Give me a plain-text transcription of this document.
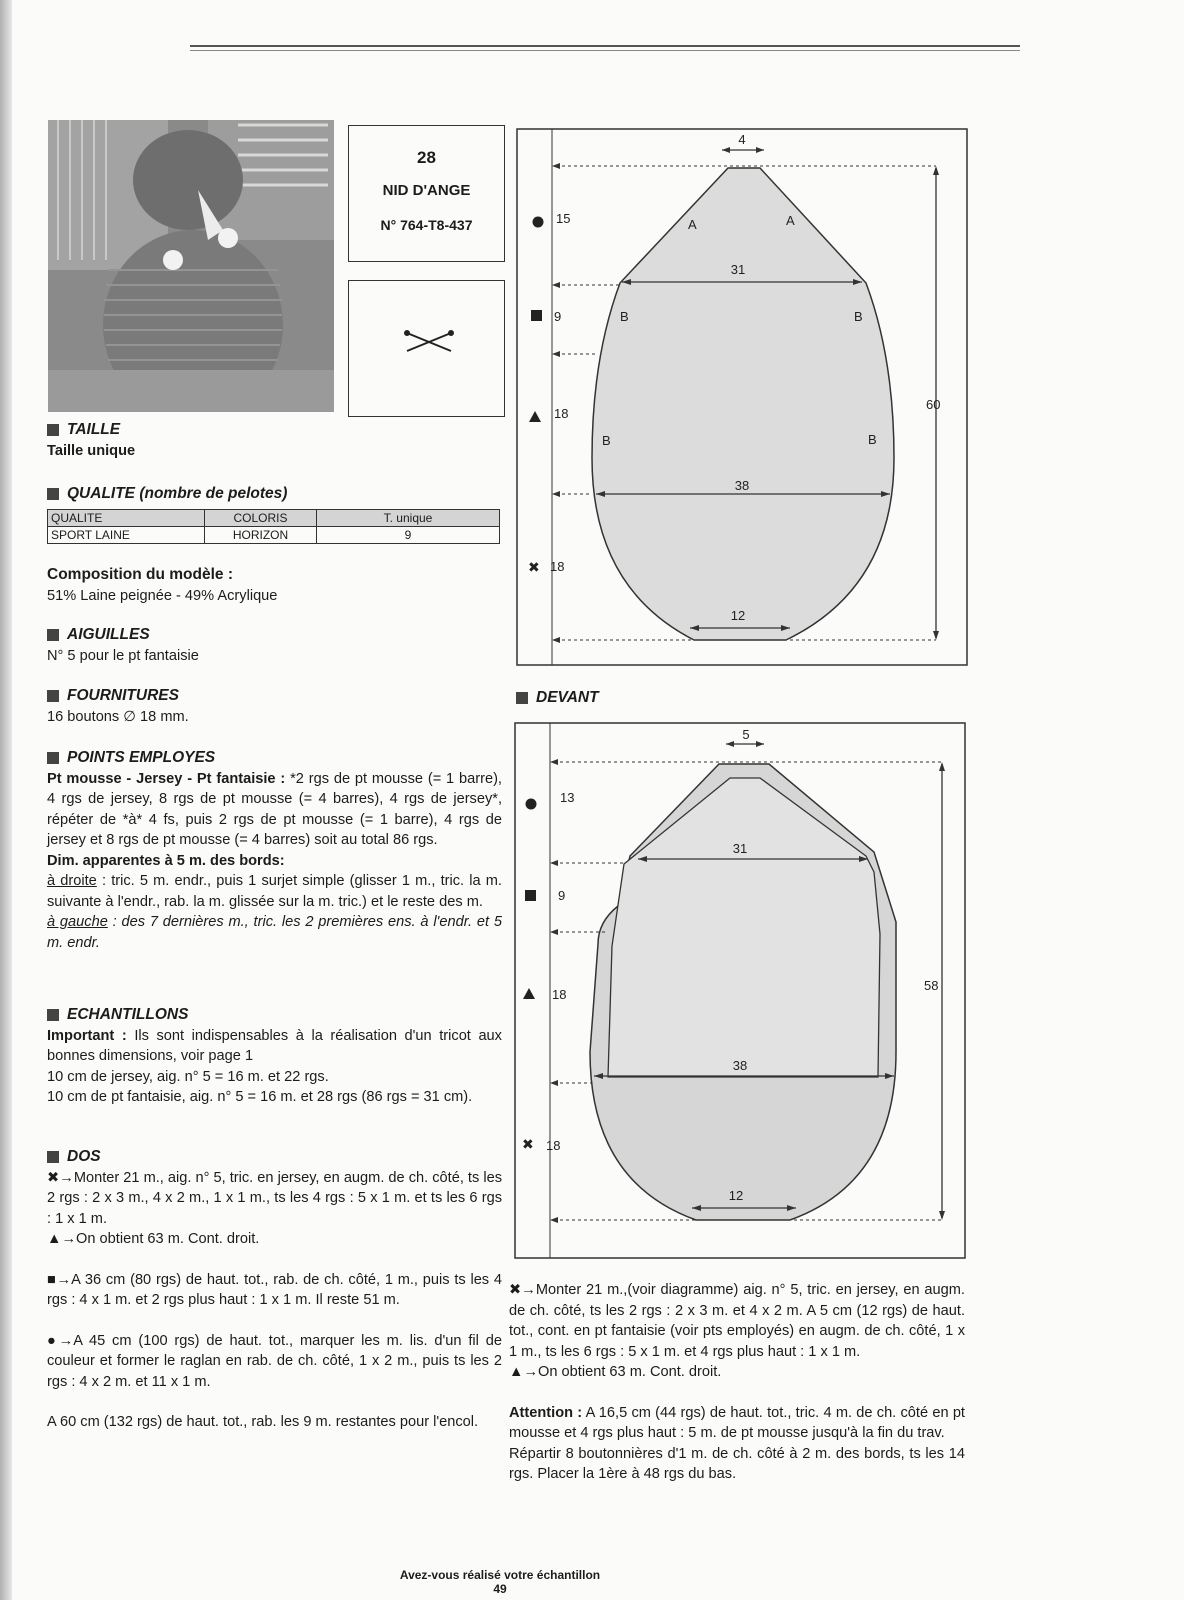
28
NID D'ANGE
N° 764-T8-437
TAILLE
Taille unique
QUALITE (nombre de pelotes)
QUALITE	COLORIS	T. unique
SPORT LAINE	HORIZON	9
Composition du modèle :
51% Laine peignée - 49% Acrylique
AIGUILLES
N° 5 pour le pt fantaisie
FOURNITURES
16 boutons ∅ 18 mm.
POINTS EMPLOYES
Pt mousse - Jersey - Pt fantaisie : *2 rgs de pt mousse (= 1 barre), 4 rgs de jersey, 8 rgs de pt mousse (= 4 barres), 4 rgs de jersey*, répéter de *à* 4 fs, puis 2 rgs de pt mousse (= 1 barre), 4 rgs de jersey et 8 rgs de pt mousse (= 4 barres) soit au total 86 rgs.
Dim. apparentes à 5 m. des bords:
à droite : tric. 5 m. endr., puis 1 surjet simple (glisser 1 m., tric. la m. suivante à l'endr., rab. la m. glissée sur la m. tric.) et le reste des m.
à gauche : des 7 dernières m., tric. les 2 premières ens. à l'endr. et 5 m. endr.
ECHANTILLONS
Important : Ils sont indispensables à la réalisation d'un tricot aux bonnes dimensions, voir page 1
10 cm de jersey, aig. n° 5 = 16 m. et 22 rgs.
10 cm de pt fantaisie, aig. n° 5 = 16 m. et 28 rgs (86 rgs = 31 cm).
DOS
✖→Monter 21 m., aig. n° 5, tric. en jersey, en augm. de ch. côté, ts les 2 rgs : 2 x 3 m., 4 x 2 m., 1 x 1 m., ts les 4 rgs : 5 x 1 m. et ts les 6 rgs : 1 x 1 m.
▲→On obtient 63 m. Cont. droit.
■→A 36 cm (80 rgs) de haut. tot., rab. de ch. côté, 1 m., puis ts les 4 rgs : 4 x 1 m. et 2 rgs plus haut : 1 x 1 m. Il reste 51 m.
●→A 45 cm (100 rgs) de haut. tot., marquer les m. lis. d'un fil de couleur et former le raglan en rab. de ch. côté, 1 x 2 m., puis ts les 2 rgs : 4 x 2 m. et 11 x 1 m.
A 60 cm (132 rgs) de haut. tot., rab. les 9 m. restantes pour l'encol.
✖
15
9
18
18
4
31
38
12
60
A	A
B	B
B	B
DEVANT
✖
13
9
18
18
5
31
38
12
58
✖→Monter 21 m.,(voir diagramme) aig. n° 5, tric. en jersey, en augm. de ch. côté, ts les 2 rgs : 2 x 3 m. et 4 x 2 m. A 5 cm (12 rgs) de haut. tot., cont. en pt fantaisie (voir pts employés) en augm. de ch. côté, 1 x 1 m., ts les 6 rgs : 5 x 1 m. et 4 rgs plus haut : 1 x 1 m.
▲→On obtient 63 m. Cont. droit.
Attention : A 16,5 cm (44 rgs) de haut. tot., tric. 4 m. de ch. côté en pt mousse et 4 rgs plus haut : 5 m. de pt mousse jusqu'à la fin du trav.
Répartir 8 boutonnières d'1 m. de ch. côté à 2 m. des bords, ts les 14 rgs. Placer la 1ère à 48 rgs du bas.
Avez-vous réalisé votre échantillon
49
